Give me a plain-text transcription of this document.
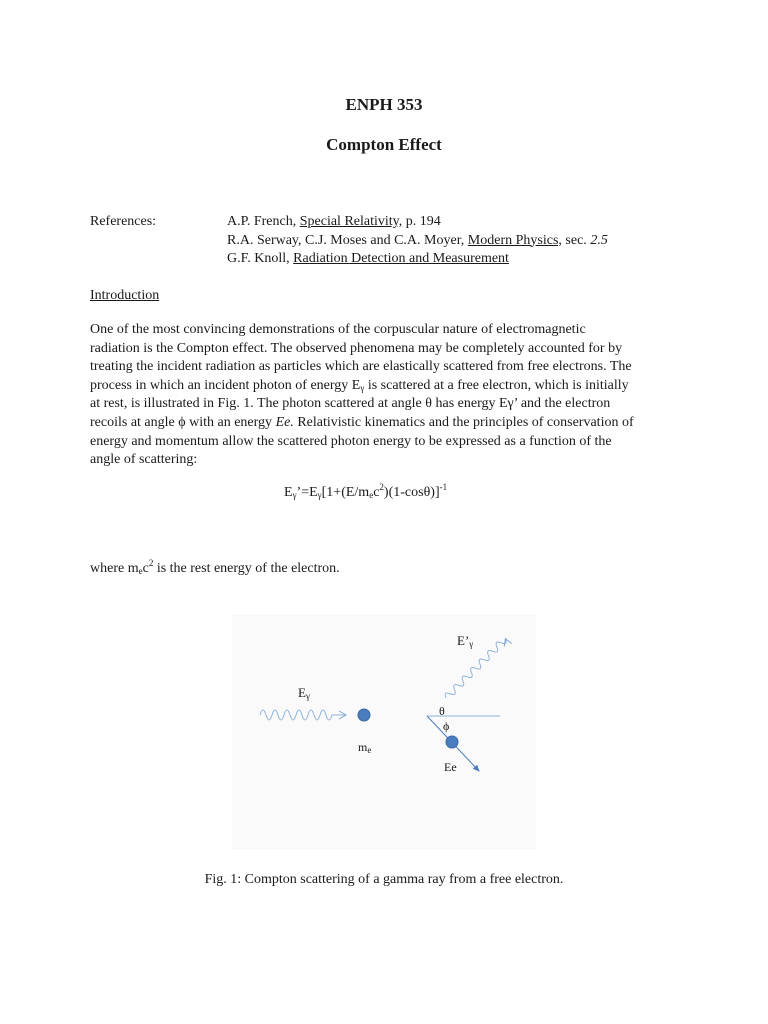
ENPH 353
Compton Effect
References:	A.P. French, Special Relativity, p. 194
R.A. Serway, C.J. Moses and C.A. Moyer, Modern Physics, sec. 2.5
G.F. Knoll, Radiation Detection and Measurement
Introduction
One of the most convincing demonstrations of the corpuscular nature of electromagnetic
radiation is the Compton effect. The observed phenomena may be completely accounted for by
treating the incident radiation as particles which are elastically scattered from free electrons. The
process in which an incident photon of energy $E_\gamma$ is scattered at a free electron, which is initially
at rest, is illustrated in Fig. 1. The photon scattered at angle θ has energy Eγ’ and the electron
recoils at angle ϕ with an energy Ee. Relativistic kinematics and the principles of conservation of
energy and momentum allow the scattered photon energy to be expressed as a function of the
angle of scattering:
$E_\gamma’=E_\gamma[1+(E/m_ec^2)(1-\cos\theta)]^{-1}$
where $m_ec^2$ is the rest energy of the electron.
$E_\gamma$
$E’_\gamma$
θ
ϕ
$m_e$
Ee
Fig. 1: Compton scattering of a gamma ray from a free electron.
